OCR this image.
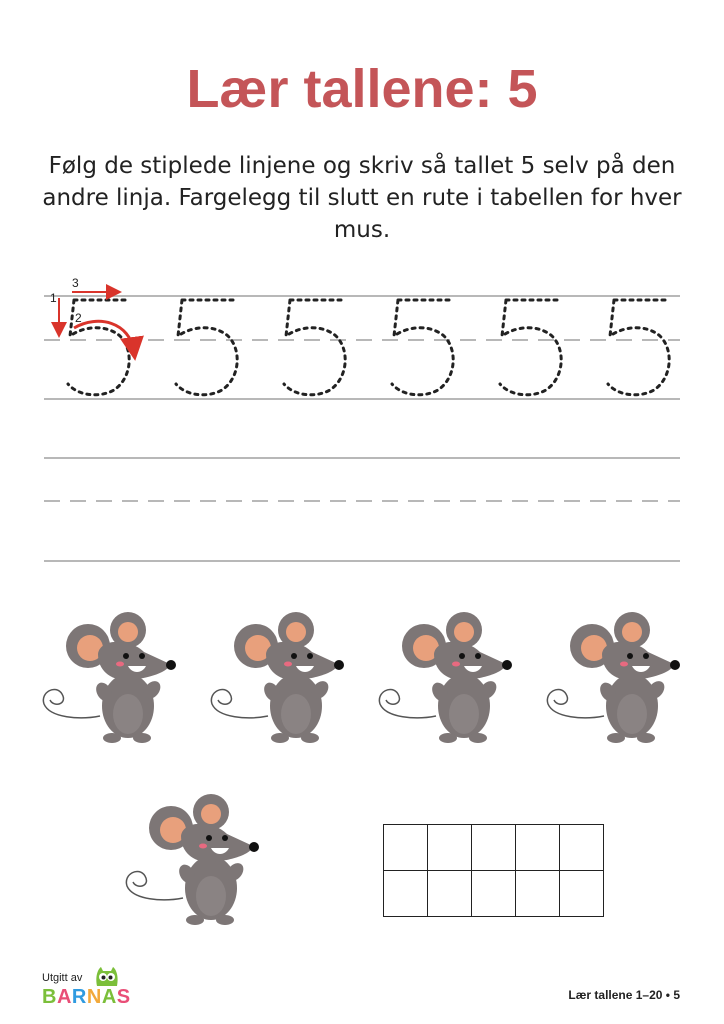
Lær tallene: 5
Følg de stiplede linjene og skriv så tallet 5 selv på den andre linja. Fargelegg til slutt en rute i tabellen for hver mus.
1
3
2

Utgitt av
BARNAS	Lær tallene 1–20 • 5
